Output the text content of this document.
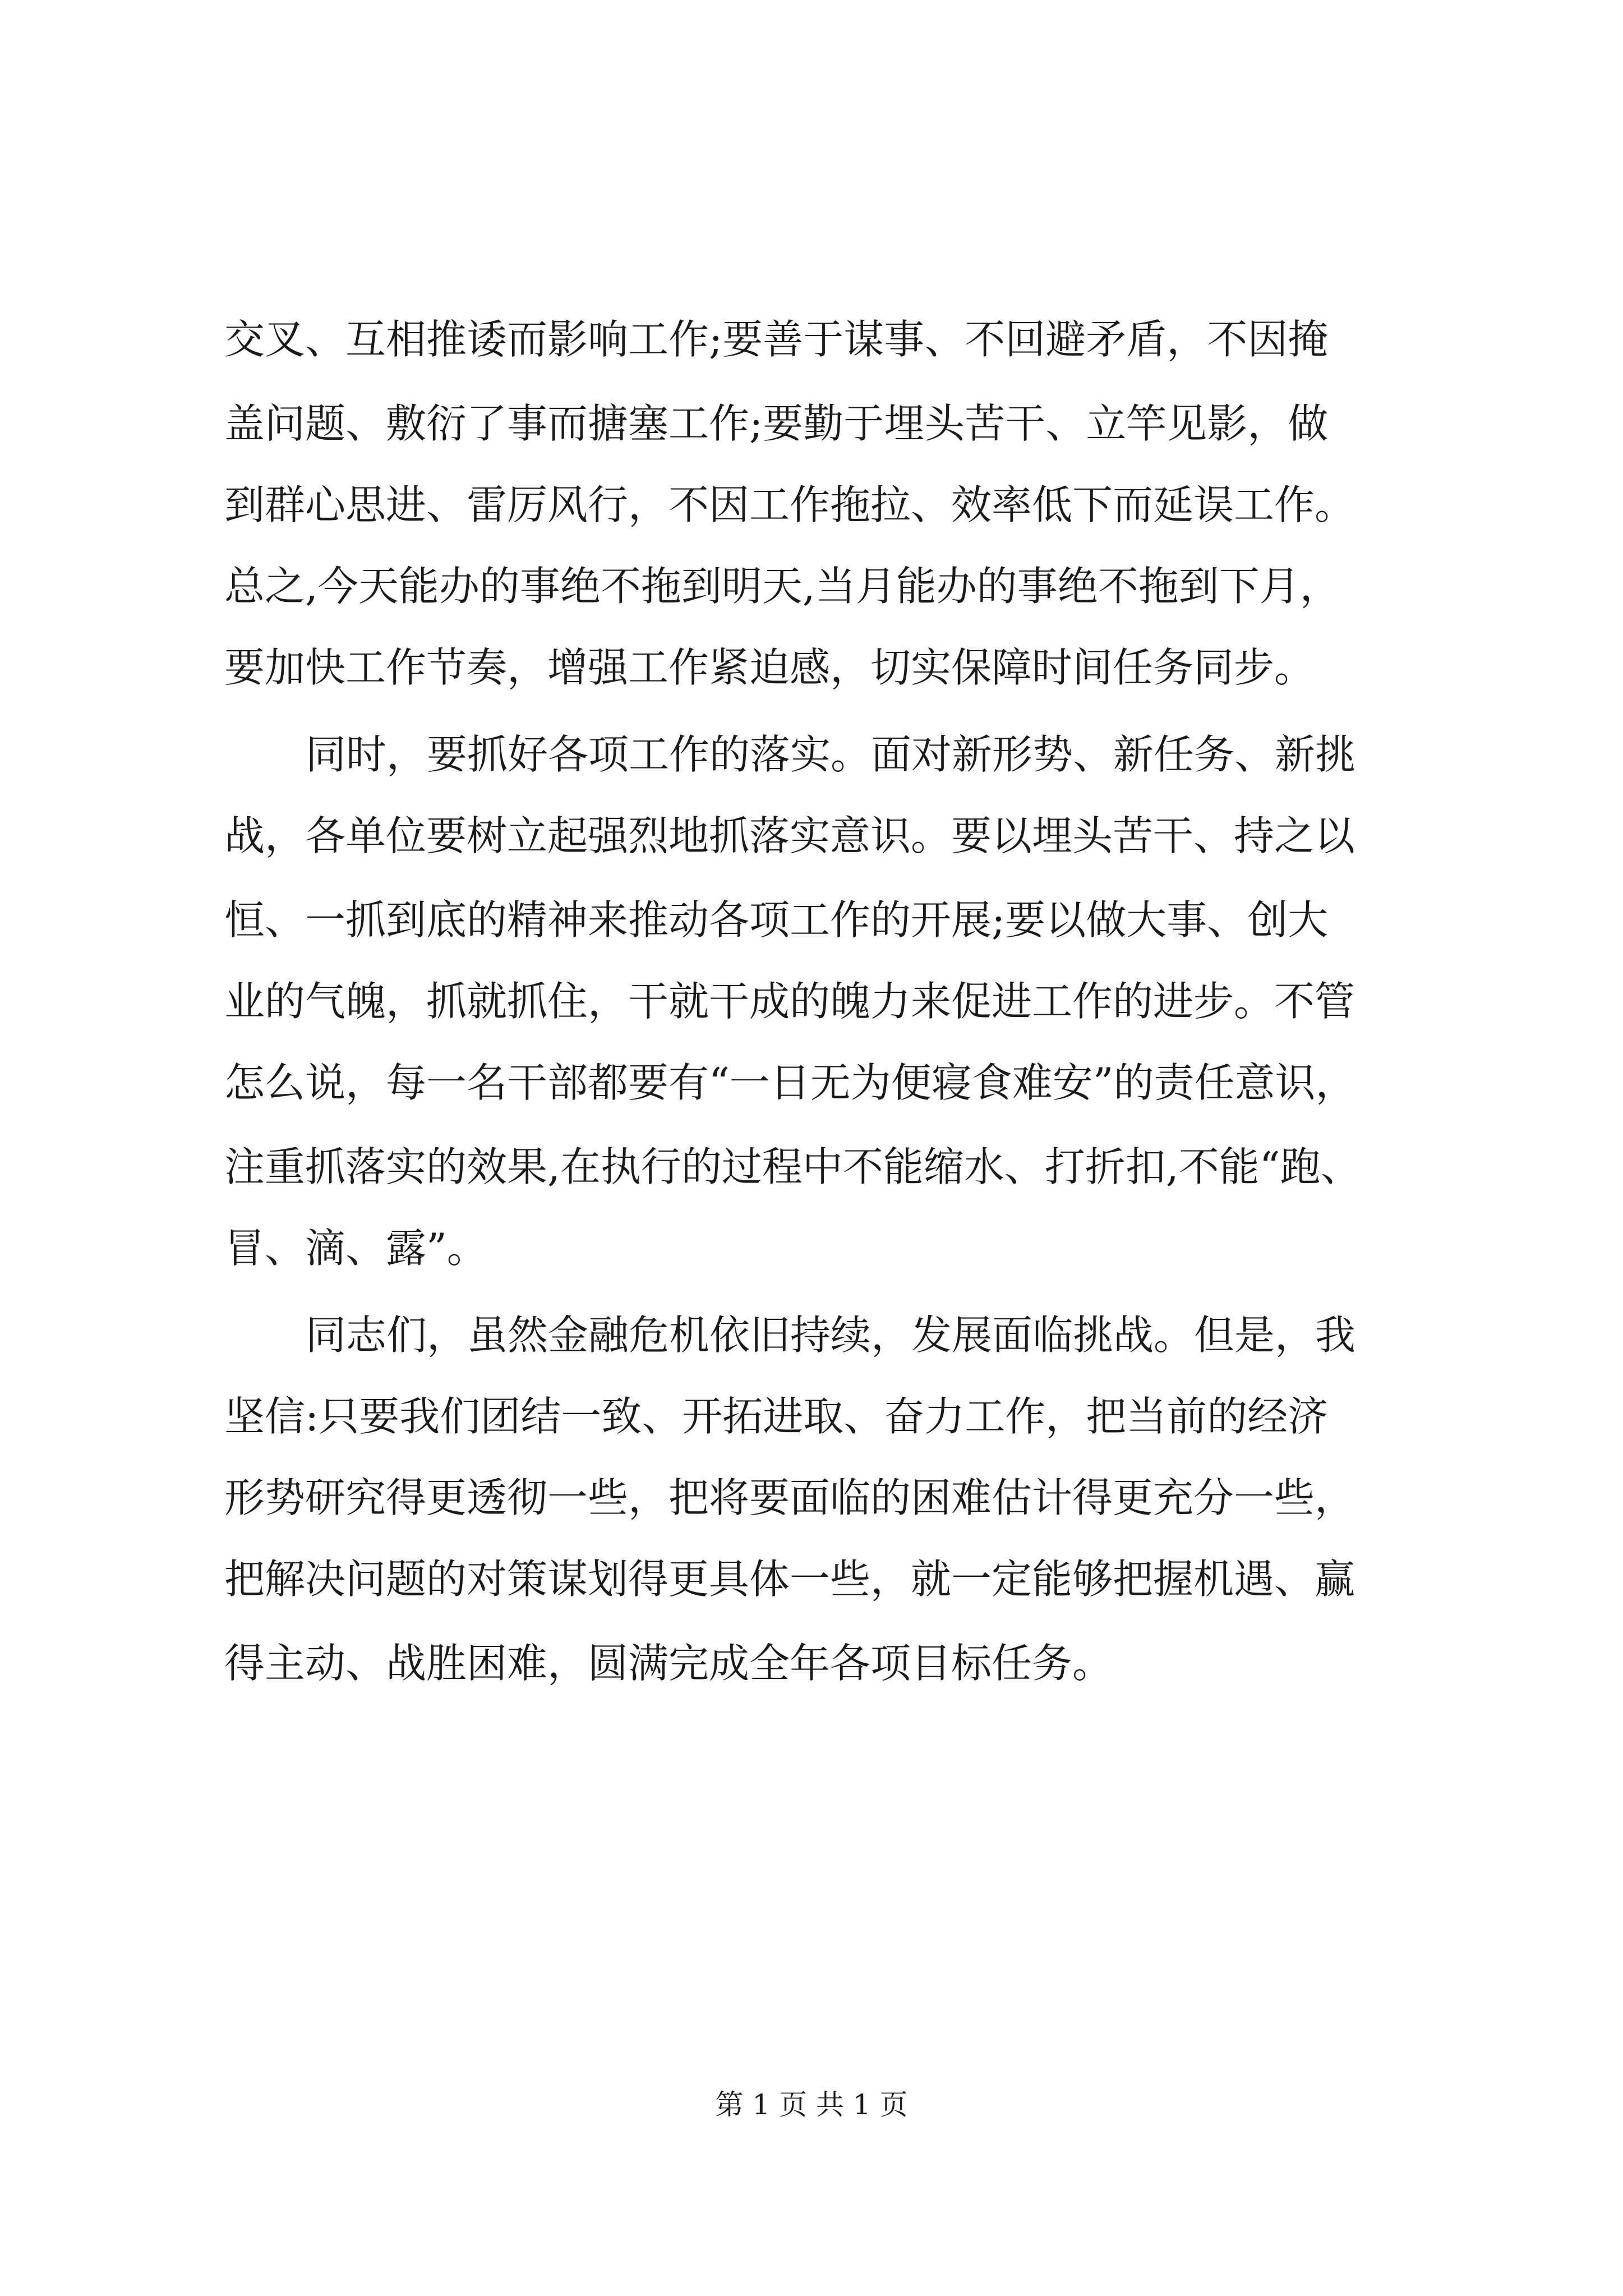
交叉、互相推诿而影响工作;要善于谋事、不回避矛盾，不因掩
盖问题、敷衍了事而搪塞工作;要勤于埋头苦干、立竿见影，做
到群心思进、雷厉风行，不因工作拖拉、效率低下而延误工作。
总之,今天能办的事绝不拖到明天,当月能办的事绝不拖到下月，
要加快工作节奏，增强工作紧迫感，切实保障时间任务同步。
同时，要抓好各项工作的落实。面对新形势、新任务、新挑
战，各单位要树立起强烈地抓落实意识。要以埋头苦干、持之以
恒、一抓到底的精神来推动各项工作的开展;要以做大事、创大
业的气魄，抓就抓住，干就干成的魄力来促进工作的进步。不管
怎么说，每一名干部都要有“一日无为便寝食难安”的责任意识，
注重抓落实的效果,在执行的过程中不能缩水、打折扣,不能“跑、
冒、滴、露”。
同志们，虽然金融危机依旧持续，发展面临挑战。但是，我
坚信:只要我们团结一致、开拓进取、奋力工作，把当前的经济
形势研究得更透彻一些，把将要面临的困难估计得更充分一些，
把解决问题的对策谋划得更具体一些，就一定能够把握机遇、赢
得主动、战胜困难，圆满完成全年各项目标任务。
第 1 页 共 1 页
